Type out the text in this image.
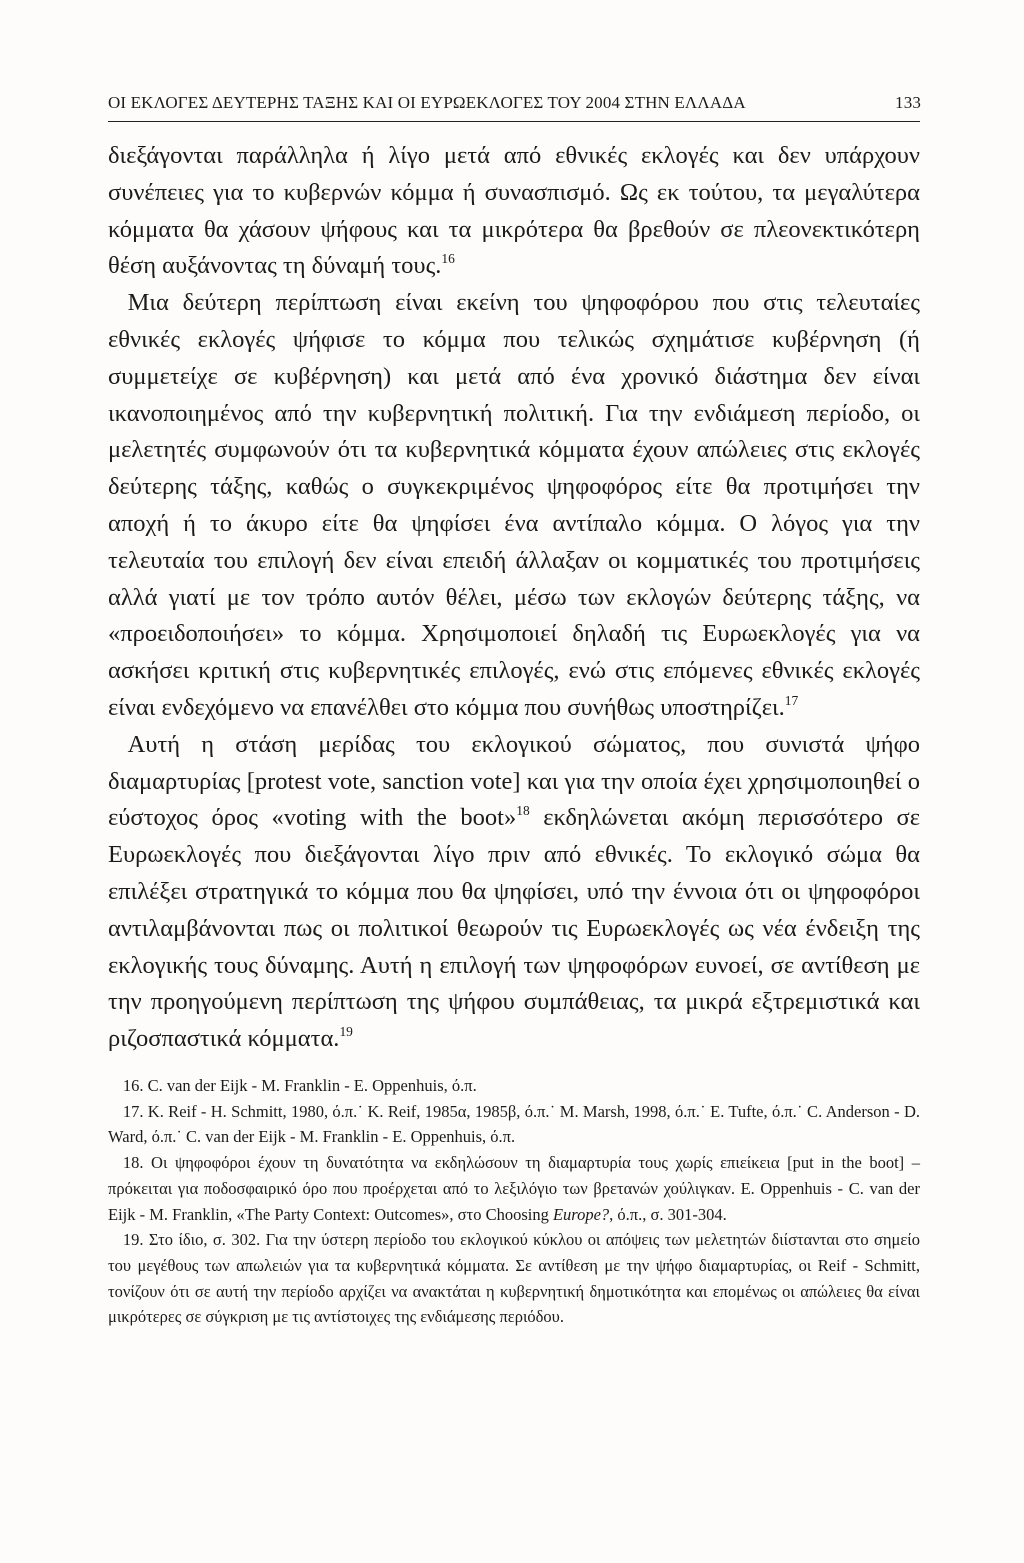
ΟΙ ΕΚΛΟΓΕΣ ΔΕΥΤΕΡΗΣ ΤΑΞΗΣ ΚΑΙ ΟΙ ΕΥΡΩΕΚΛΟΓΕΣ ΤΟΥ 2004 ΣΤΗΝ ΕΛΛΑΔΑ	133

διεξάγονται παράλληλα ή λίγο μετά από εθνικές εκλογές και δεν υπάρχουν συνέπειες για το κυβερνών κόμμα ή συνασπισμό. Ως εκ τούτου, τα μεγαλύτερα κόμματα θα χάσουν ψήφους και τα μικρότερα θα βρεθούν σε πλεονεκτικότερη θέση αυξάνοντας τη δύναμή τους.$^{16}$

Μια δεύτερη περίπτωση είναι εκείνη του ψηφοφόρου που στις τελευταίες εθνικές εκλογές ψήφισε το κόμμα που τελικώς σχημάτισε κυβέρνηση (ή συμμετείχε σε κυβέρνηση) και μετά από ένα χρονικό διάστημα δεν είναι ικανοποιημένος από την κυβερνητική πολιτική. Για την ενδιάμεση περίοδο, οι μελετητές συμφωνούν ότι τα κυβερνητικά κόμματα έχουν απώλειες στις εκλογές δεύτερης τάξης, καθώς ο συγκεκριμένος ψηφοφόρος είτε θα προτιμήσει την αποχή ή το άκυρο είτε θα ψηφίσει ένα αντίπαλο κόμμα. Ο λόγος για την τελευταία του επιλογή δεν είναι επειδή άλλαξαν οι κομματικές του προτιμήσεις αλλά γιατί με τον τρόπο αυτόν θέλει, μέσω των εκλογών δεύτερης τάξης, να «προειδοποιήσει» το κόμμα. Χρησιμοποιεί δηλαδή τις Ευρωεκλογές για να ασκήσει κριτική στις κυβερνητικές επιλογές, ενώ στις επόμενες εθνικές εκλογές είναι ενδεχόμενο να επανέλθει στο κόμμα που συνήθως υποστηρίζει.$^{17}$

Αυτή η στάση μερίδας του εκλογικού σώματος, που συνιστά ψήφο διαμαρτυρίας [protest vote, sanction vote] και για την οποία έχει χρησιμοποιηθεί ο εύστοχος όρος «voting with the boot»$^{18}$ εκδηλώνεται ακόμη περισσότερο σε Ευρωεκλογές που διεξάγονται λίγο πριν από εθνικές. Το εκλογικό σώμα θα επιλέξει στρατηγικά το κόμμα που θα ψηφίσει, υπό την έννοια ότι οι ψηφοφόροι αντιλαμβάνονται πως οι πολιτικοί θεωρούν τις Ευρωεκλογές ως νέα ένδειξη της εκλογικής τους δύναμης. Αυτή η επιλογή των ψηφοφόρων ευνοεί, σε αντίθεση με την προηγούμενη περίπτωση της ψήφου συμπάθειας, τα μικρά εξτρεμιστικά και ριζοσπαστικά κόμματα.$^{19}$

16. C. van der Eijk - M. Franklin - E. Oppenhuis, ό.π.

17. K. Reif - H. Schmitt, 1980, ό.π.˙ K. Reif, 1985α, 1985β, ό.π.˙ M. Marsh, 1998, ό.π.˙ E. Tufte, ό.π.˙ C. Anderson - D. Ward, ό.π.˙ C. van der Eijk - M. Franklin - E. Oppenhuis, ό.π.

18. Οι ψηφοφόροι έχουν τη δυνατότητα να εκδηλώσουν τη διαμαρτυρία τους χωρίς επιείκεια [put in the boot] – πρόκειται για ποδοσφαιρικό όρο που προέρχεται από το λεξιλόγιο των βρετανών χούλιγκαν. E. Oppenhuis - C. van der Eijk - M. Franklin, «The Party Context: Outcomes», στο Choosing Europe?, ό.π., σ. 301-304.

19. Στο ίδιο, σ. 302. Για την ύστερη περίοδο του εκλογικού κύκλου οι απόψεις των μελετητών διίστανται στο σημείο του μεγέθους των απωλειών για τα κυβερνητικά κόμματα. Σε αντίθεση με την ψήφο διαμαρτυρίας, οι Reif - Schmitt, τονίζουν ότι σε αυτή την περίοδο αρχίζει να ανακτάται η κυβερνητική δημοτικότητα και επομένως οι απώλειες θα είναι μικρότερες σε σύγκριση με τις αντίστοιχες της ενδιάμεσης περιόδου.
